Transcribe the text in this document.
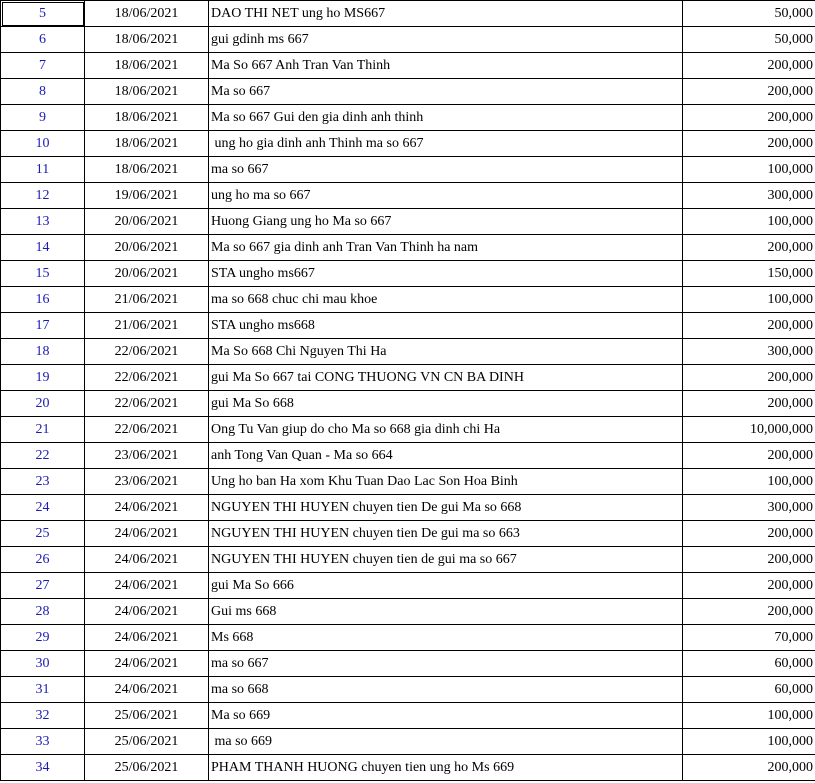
5	18/06/2021	DAO THI NET ung ho MS667	50,000
6	18/06/2021	gui gdinh ms 667	50,000
7	18/06/2021	Ma So 667 Anh Tran Van Thinh	200,000
8	18/06/2021	Ma so 667	200,000
9	18/06/2021	Ma so 667 Gui den gia dinh anh thinh	200,000
10	18/06/2021	ung ho gia dinh anh Thinh ma so 667	200,000
11	18/06/2021	ma so 667	100,000
12	19/06/2021	ung ho ma so 667	300,000
13	20/06/2021	Huong Giang ung ho Ma so 667	100,000
14	20/06/2021	Ma so 667 gia dinh anh Tran Van Thinh ha nam	200,000
15	20/06/2021	STA ungho ms667	150,000
16	21/06/2021	ma so 668 chuc chi mau khoe	100,000
17	21/06/2021	STA ungho ms668	200,000
18	22/06/2021	Ma So 668 Chi Nguyen Thi Ha	300,000
19	22/06/2021	gui Ma So 667 tai CONG THUONG VN CN BA DINH	200,000
20	22/06/2021	gui Ma So 668	200,000
21	22/06/2021	Ong Tu Van giup do cho Ma so 668 gia dinh chi Ha	10,000,000
22	23/06/2021	anh Tong Van Quan - Ma so 664	200,000
23	23/06/2021	Ung ho ban Ha xom Khu Tuan Dao Lac Son Hoa Binh	100,000
24	24/06/2021	NGUYEN THI HUYEN chuyen tien De gui Ma so 668	300,000
25	24/06/2021	NGUYEN THI HUYEN chuyen tien De gui ma so 663	200,000
26	24/06/2021	NGUYEN THI HUYEN chuyen tien de gui ma so 667	200,000
27	24/06/2021	gui Ma So 666	200,000
28	24/06/2021	Gui ms 668	200,000
29	24/06/2021	Ms 668	70,000
30	24/06/2021	ma so 667	60,000
31	24/06/2021	ma so 668	60,000
32	25/06/2021	Ma so 669	100,000
33	25/06/2021	ma so 669	100,000
34	25/06/2021	PHAM THANH HUONG chuyen tien ung ho Ms 669	200,000
